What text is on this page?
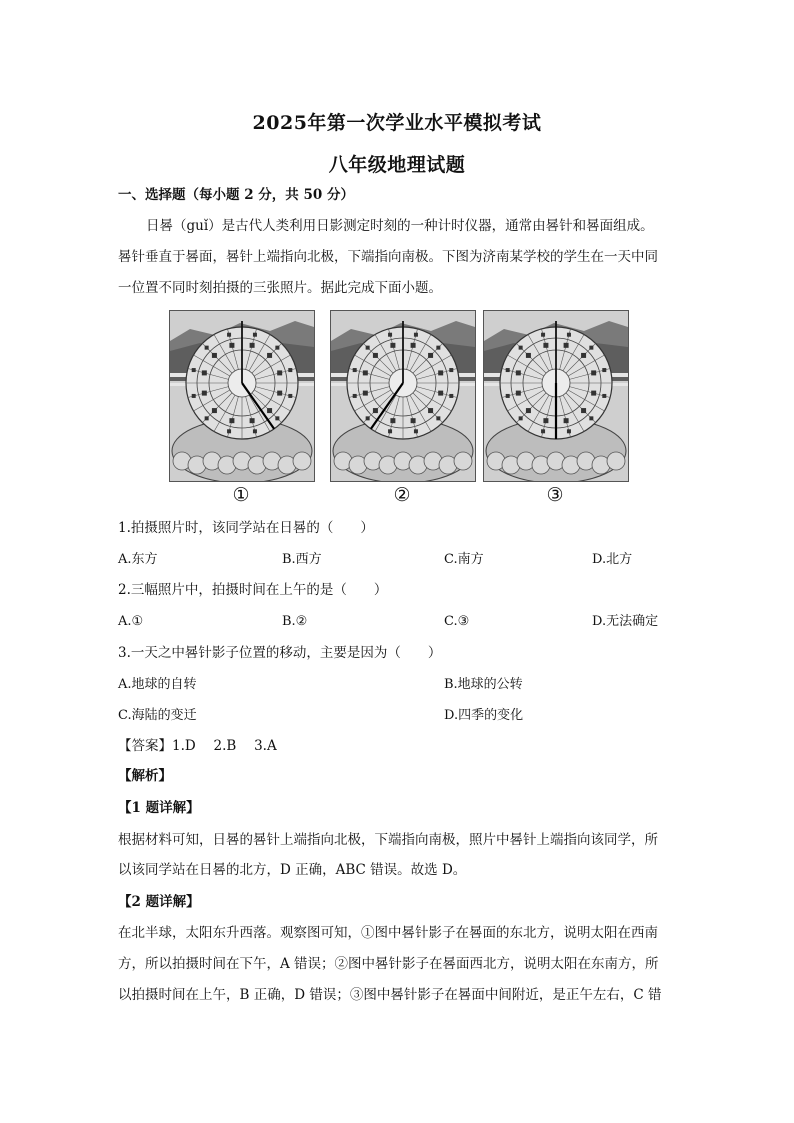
2025年第一次学业水平模拟考试
八年级地理试题
一、选择题（每小题 2 分，共 50 分）
日晷（guǐ）是古代人类利用日影测定时刻的一种计时仪器，通常由晷针和晷面组成。
晷针垂直于晷面，晷针上端指向北极，下端指向南极。下图为济南某学校的学生在一天中同
一位置不同时刻拍摄的三张照片。据此完成下面小题。
①	②	③
1.拍摄照片时，该同学站在日晷的（　　）
A.东方	B.西方	C.南方	D.北方
2.三幅照片中，拍摄时间在上午的是（　　）
A.①	B.②	C.③	D.无法确定
3.一天之中晷针影子位置的移动，主要是因为（　　）
A.地球的自转	B.地球的公转
C.海陆的变迁	D.四季的变化
【答案】1.D　 2.B　 3.A
【解析】
【1 题详解】
根据材料可知，日晷的晷针上端指向北极，下端指向南极，照片中晷针上端指向该同学，所
以该同学站在日晷的北方，D 正确，ABC 错误。故选 D。
【2 题详解】
在北半球，太阳东升西落。观察图可知，①图中晷针影子在晷面的东北方，说明太阳在西南
方，所以拍摄时间在下午，A 错误；②图中晷针影子在晷面西北方，说明太阳在东南方，所
以拍摄时间在上午，B 正确，D 错误；③图中晷针影子在晷面中间附近，是正午左右，C 错
